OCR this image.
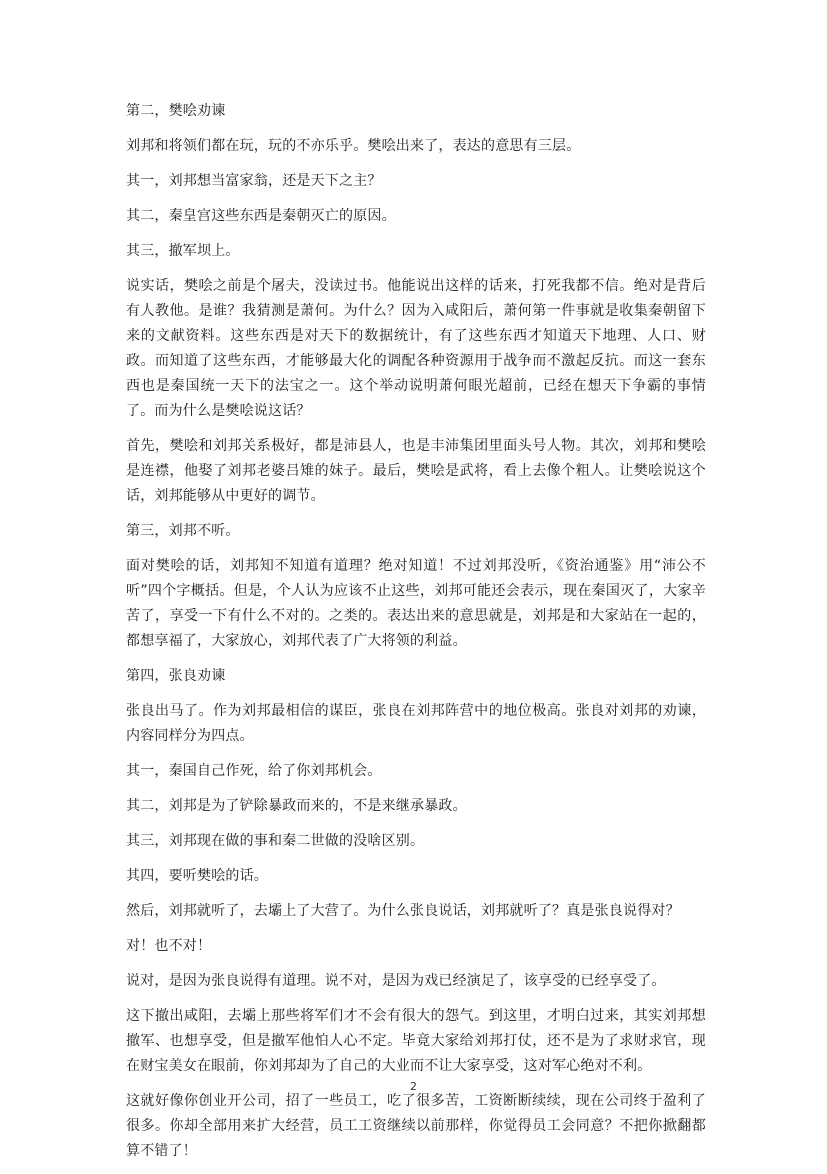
第二，樊哙劝谏

刘邦和将领们都在玩，玩的不亦乐乎。樊哙出来了，表达的意思有三层。

其一，刘邦想当富家翁，还是天下之主？

其二，秦皇宫这些东西是秦朝灭亡的原因。

其三，撤军坝上。

说实话，樊哙之前是个屠夫，没读过书。他能说出这样的话来，打死我都不信。绝对是背后有人教他。是谁？我猜测是萧何。为什么？因为入咸阳后，萧何第一件事就是收集秦朝留下来的文献资料。这些东西是对天下的数据统计，有了这些东西才知道天下地理、人口、财政。而知道了这些东西，才能够最大化的调配各种资源用于战争而不激起反抗。而这一套东西也是秦国统一天下的法宝之一。这个举动说明萧何眼光超前，已经在想天下争霸的事情了。而为什么是樊哙说这话？

首先，樊哙和刘邦关系极好，都是沛县人，也是丰沛集团里面头号人物。其次，刘邦和樊哙是连襟，他娶了刘邦老婆吕雉的妹子。最后，樊哙是武将，看上去像个粗人。让樊哙说这个话，刘邦能够从中更好的调节。

第三，刘邦不听。

面对樊哙的话，刘邦知不知道有道理？绝对知道！不过刘邦没听，《资治通鉴》用“沛公不听”四个字概括。但是，个人认为应该不止这些，刘邦可能还会表示，现在秦国灭了，大家辛苦了，享受一下有什么不对的。之类的。表达出来的意思就是，刘邦是和大家站在一起的，都想享福了，大家放心，刘邦代表了广大将领的利益。

第四，张良劝谏

张良出马了。作为刘邦最相信的谋臣，张良在刘邦阵营中的地位极高。张良对刘邦的劝谏，内容同样分为四点。

其一，秦国自己作死，给了你刘邦机会。

其二，刘邦是为了铲除暴政而来的，不是来继承暴政。

其三，刘邦现在做的事和秦二世做的没啥区别。

其四，要听樊哙的话。

然后，刘邦就听了，去壩上了大营了。为什么张良说话，刘邦就听了？真是张良说得对？

对！也不对！

说对，是因为张良说得有道理。说不对，是因为戏已经演足了，该享受的已经享受了。

这下撤出咸阳，去壩上那些将军们才不会有很大的怨气。到这里，才明白过来，其实刘邦想撤军、也想享受，但是撤军他怕人心不定。毕竟大家给刘邦打仗，还不是为了求财求官，现在财宝美女在眼前，你刘邦却为了自己的大业而不让大家享受，这对军心绝对不利。

这就好像你创业开公司，招了一些员工，吃了很多苦，工资断断续续，现在公司终于盈利了很多。你却全部用来扩大经营，员工工资继续以前那样，你觉得员工会同意？不把你掀翻都算不错了！

2
